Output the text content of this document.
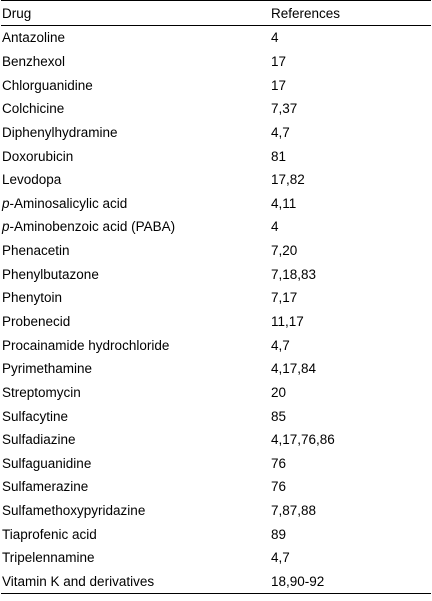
Drug	References
Antazoline	4
Benzhexol	17
Chlorguanidine	17
Colchicine	7,37
Diphenylhydramine	4,7
Doxorubicin	81
Levodopa	17,82
p-Aminosalicylic acid	4,11
p-Aminobenzoic acid (PABA)	4
Phenacetin	7,20
Phenylbutazone	7,18,83
Phenytoin	7,17
Probenecid	11,17
Procainamide hydrochloride	4,7
Pyrimethamine	4,17,84
Streptomycin	20
Sulfacytine	85
Sulfadiazine	4,17,76,86
Sulfaguanidine	76
Sulfamerazine	76
Sulfamethoxypyridazine	7,87,88
Tiaprofenic acid	89
Tripelennamine	4,7
Vitamin K and derivatives	18,90-92
